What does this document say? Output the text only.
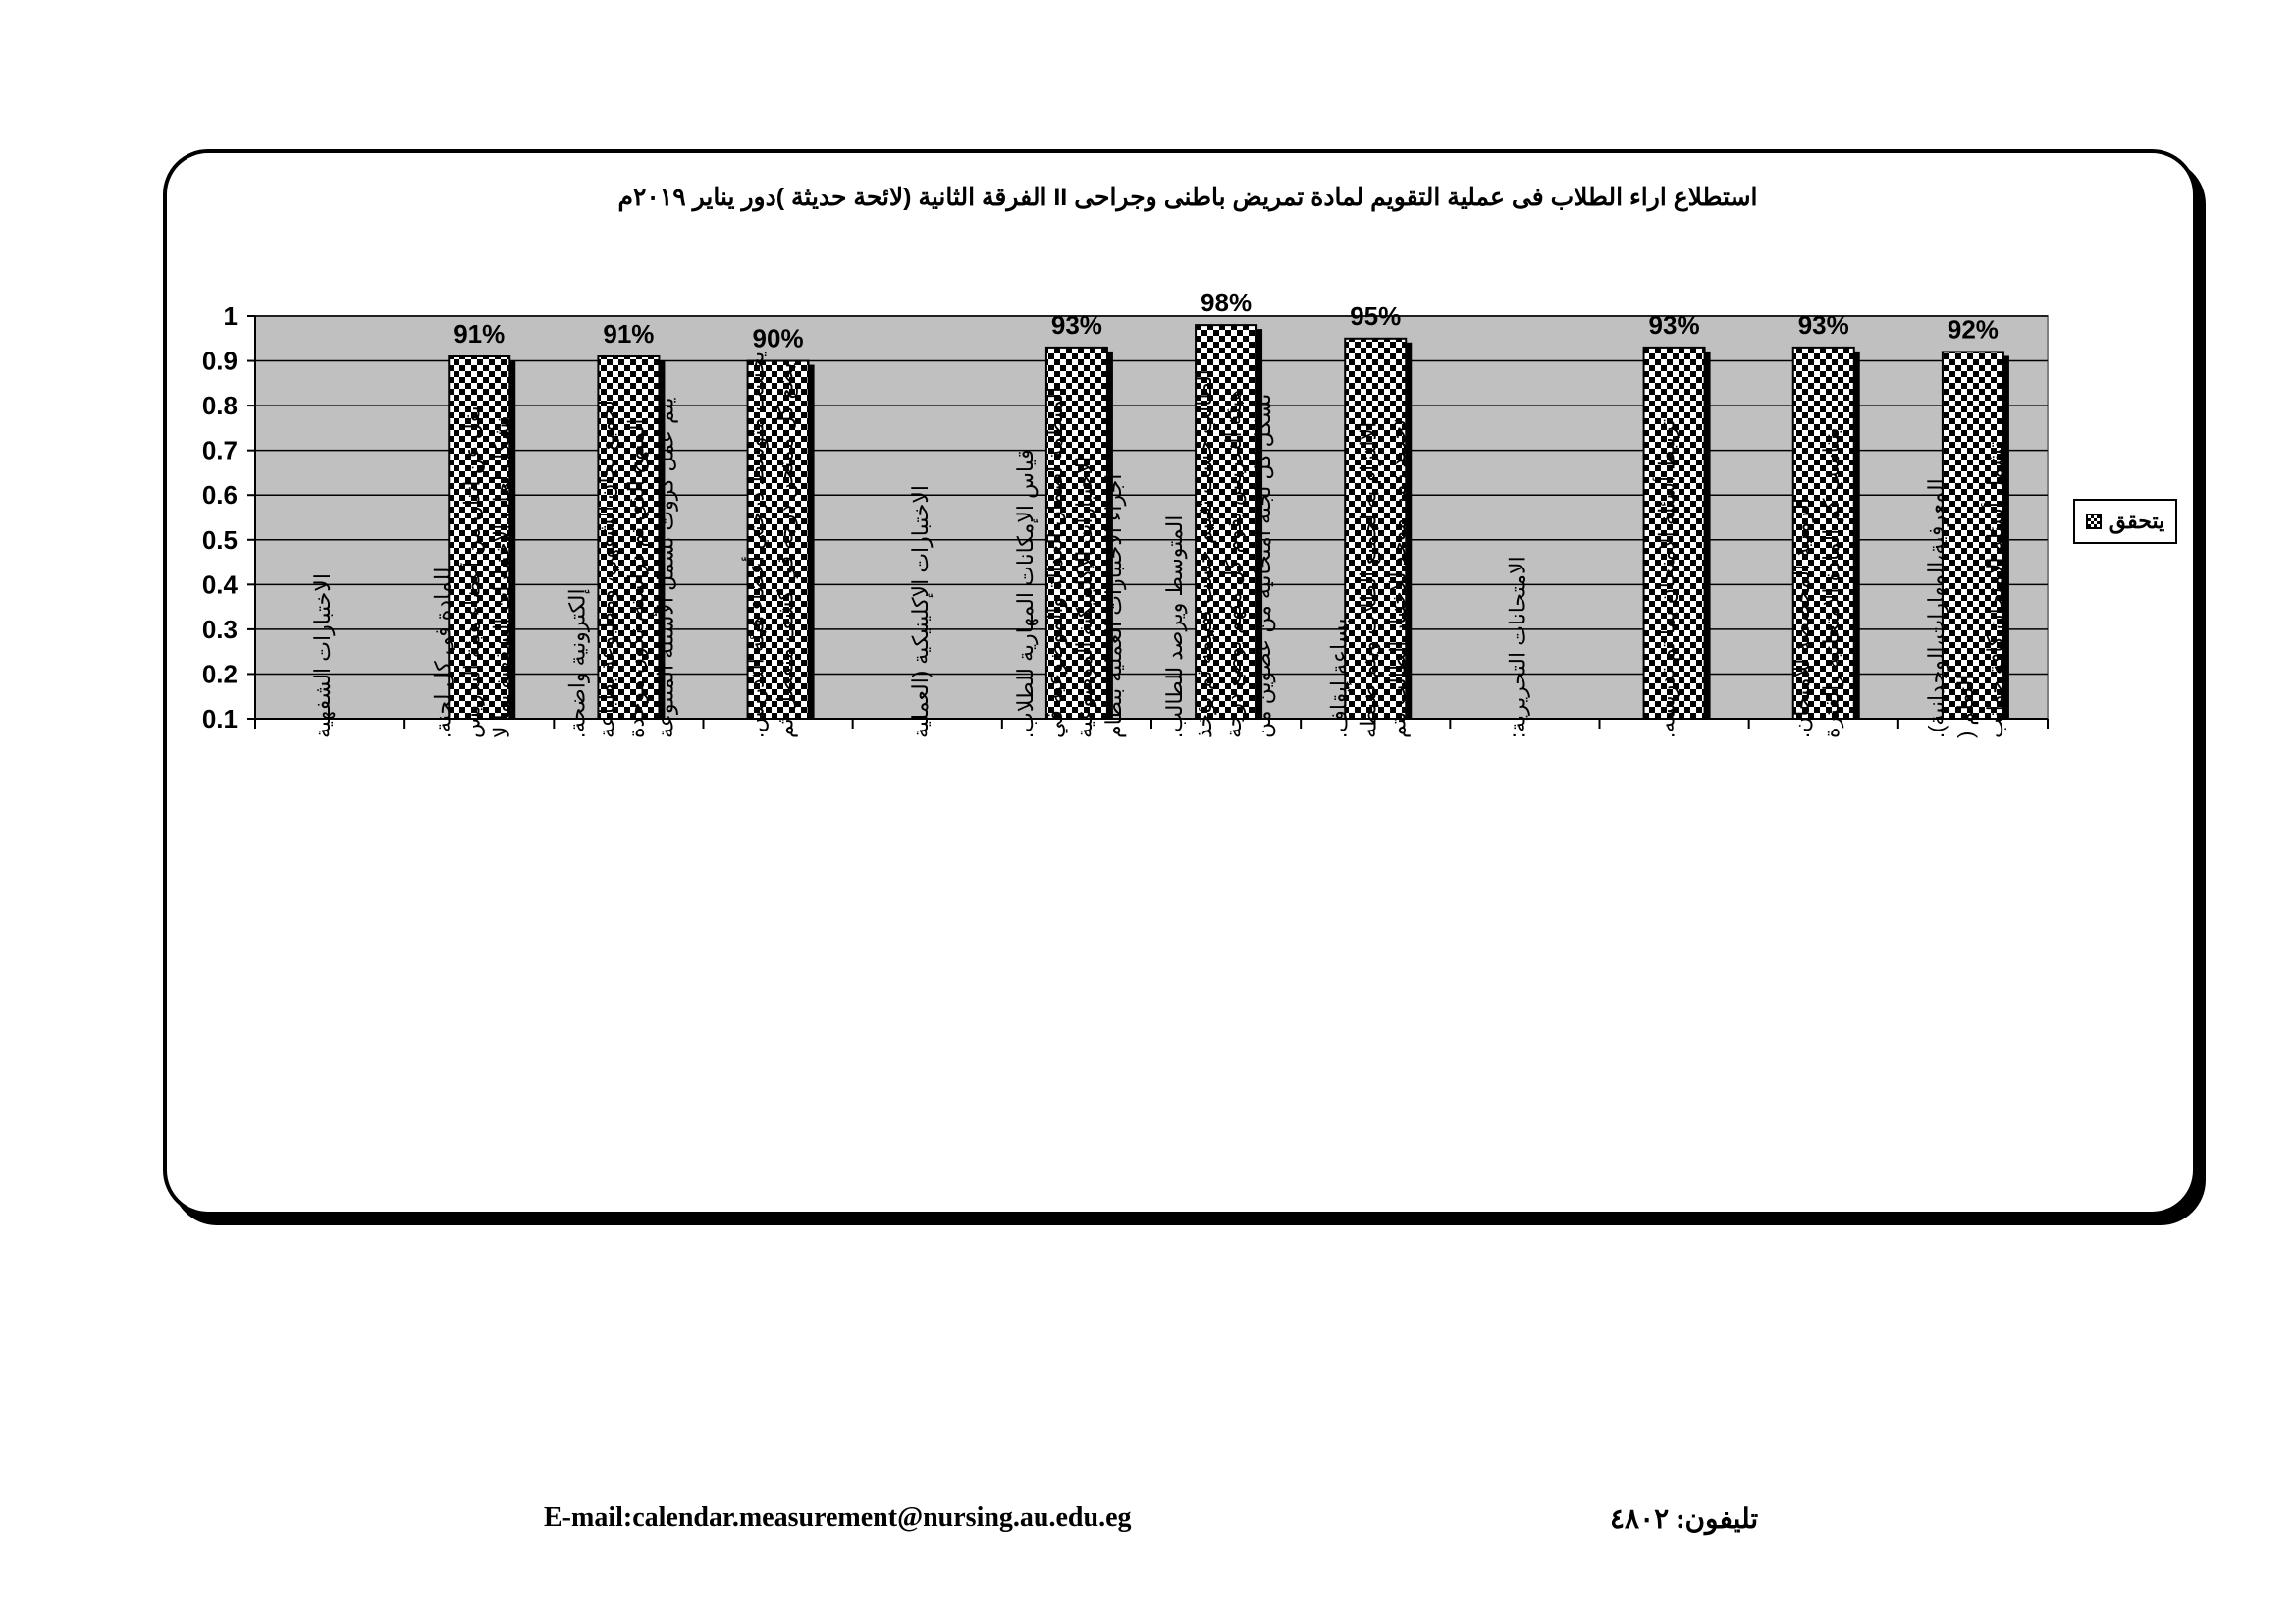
91%	91%	90%	93%
98%	95%	93%	93%	92%
0.1
0.2
0.3
0.4
0.5
0.6
0.7
0.8
0.9
1
الاختبارات الشفهية	تشكل لجان الاختبارات الشفهية بما لا
يقل عن اثنان من أعضاء هيئة التدريس
للمادة في كل لجنة.	يتم عمل كروت تشمل الأسئلة المتنوعة
المنهج الذي تم دراسته، تكون موحدة
لجميع لجان الشفهي، ومطبوعة بطباعة
إلكترونية واضحة.	يضع كل ممتحن درجة في كشف منفصل ثم
يحسب متوسط درجتي أعضاء هيئة التدريس.	الاختبارات الإكلينيكية (العملية	اجراء الاختبارات العملية بنظام
الاختبارات الإكلينيكية الموضوعية
المنظمة لضمان العدالة والموضوعية في
قياس الإمكانات المهارية للطلاب.	تشكل كل لجنة امتحانية من عضوين من
هيئة التدريس يقوم كل منهم بوضع درجة
الطالب حسب تقييم حسب تقييمه ثم يؤخذ
المتوسط ويرصد للطالب.	تحديد زمن موحد للاختبار الطالب يتم
الالتزام به لجميع الطلاب ويتم ضبطه
بساعة إيقاف.	الامتحانات التحريرية:	ترتبط أسئلة الامتحان بما تم تدريسه.	يتناسب كم المادة الامتحانية والفترة
الزمنية المخصصة للامتحان.	تشمل أسئلة الامتحان كافة جوانب
التعلم (
المعرفية،المهارات،الوجدانية).
استطلاع اراء الطلاب فى عملية التقويم لمادة تمريض باطنى وجراحى II الفرقة الثانية (لائحة حديثة )دور يناير ٢٠١٩م
يتحقق
E-mail:calendar.measurement@nursing.au.edu.eg	تليفون: ٤٨٠٢
